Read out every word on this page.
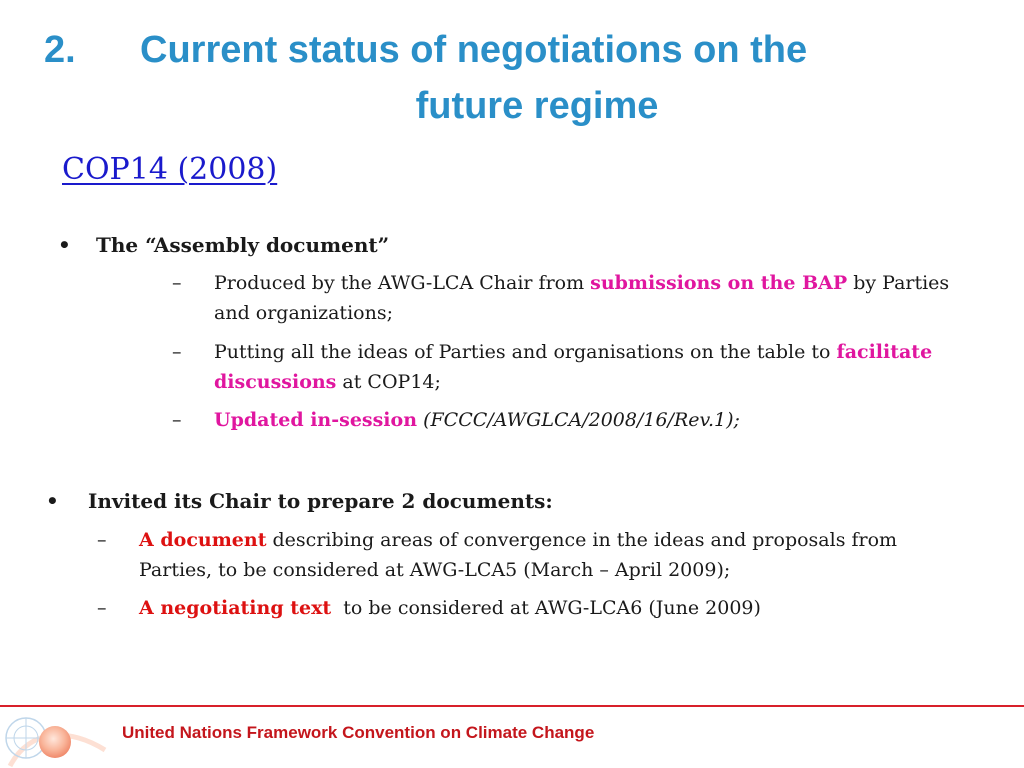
2. Current status of negotiations on the
future regime
COP14 (2008)
• The “Assembly document”
– Produced by the AWG-LCA Chair from submissions on the BAP by Parties and organizations;
– Putting all the ideas of Parties and organisations on the table to facilitate discussions at COP14;
– Updated in-session (FCCC/AWGLCA/2008/16/Rev.1);
• Invited its Chair to prepare 2 documents:
– A document describing areas of convergence in the ideas and proposals from Parties, to be considered at AWG-LCA5 (March – April 2009);
– A negotiating text  to be considered at AWG-LCA6 (June 2009)
United Nations Framework Convention on Climate Change
